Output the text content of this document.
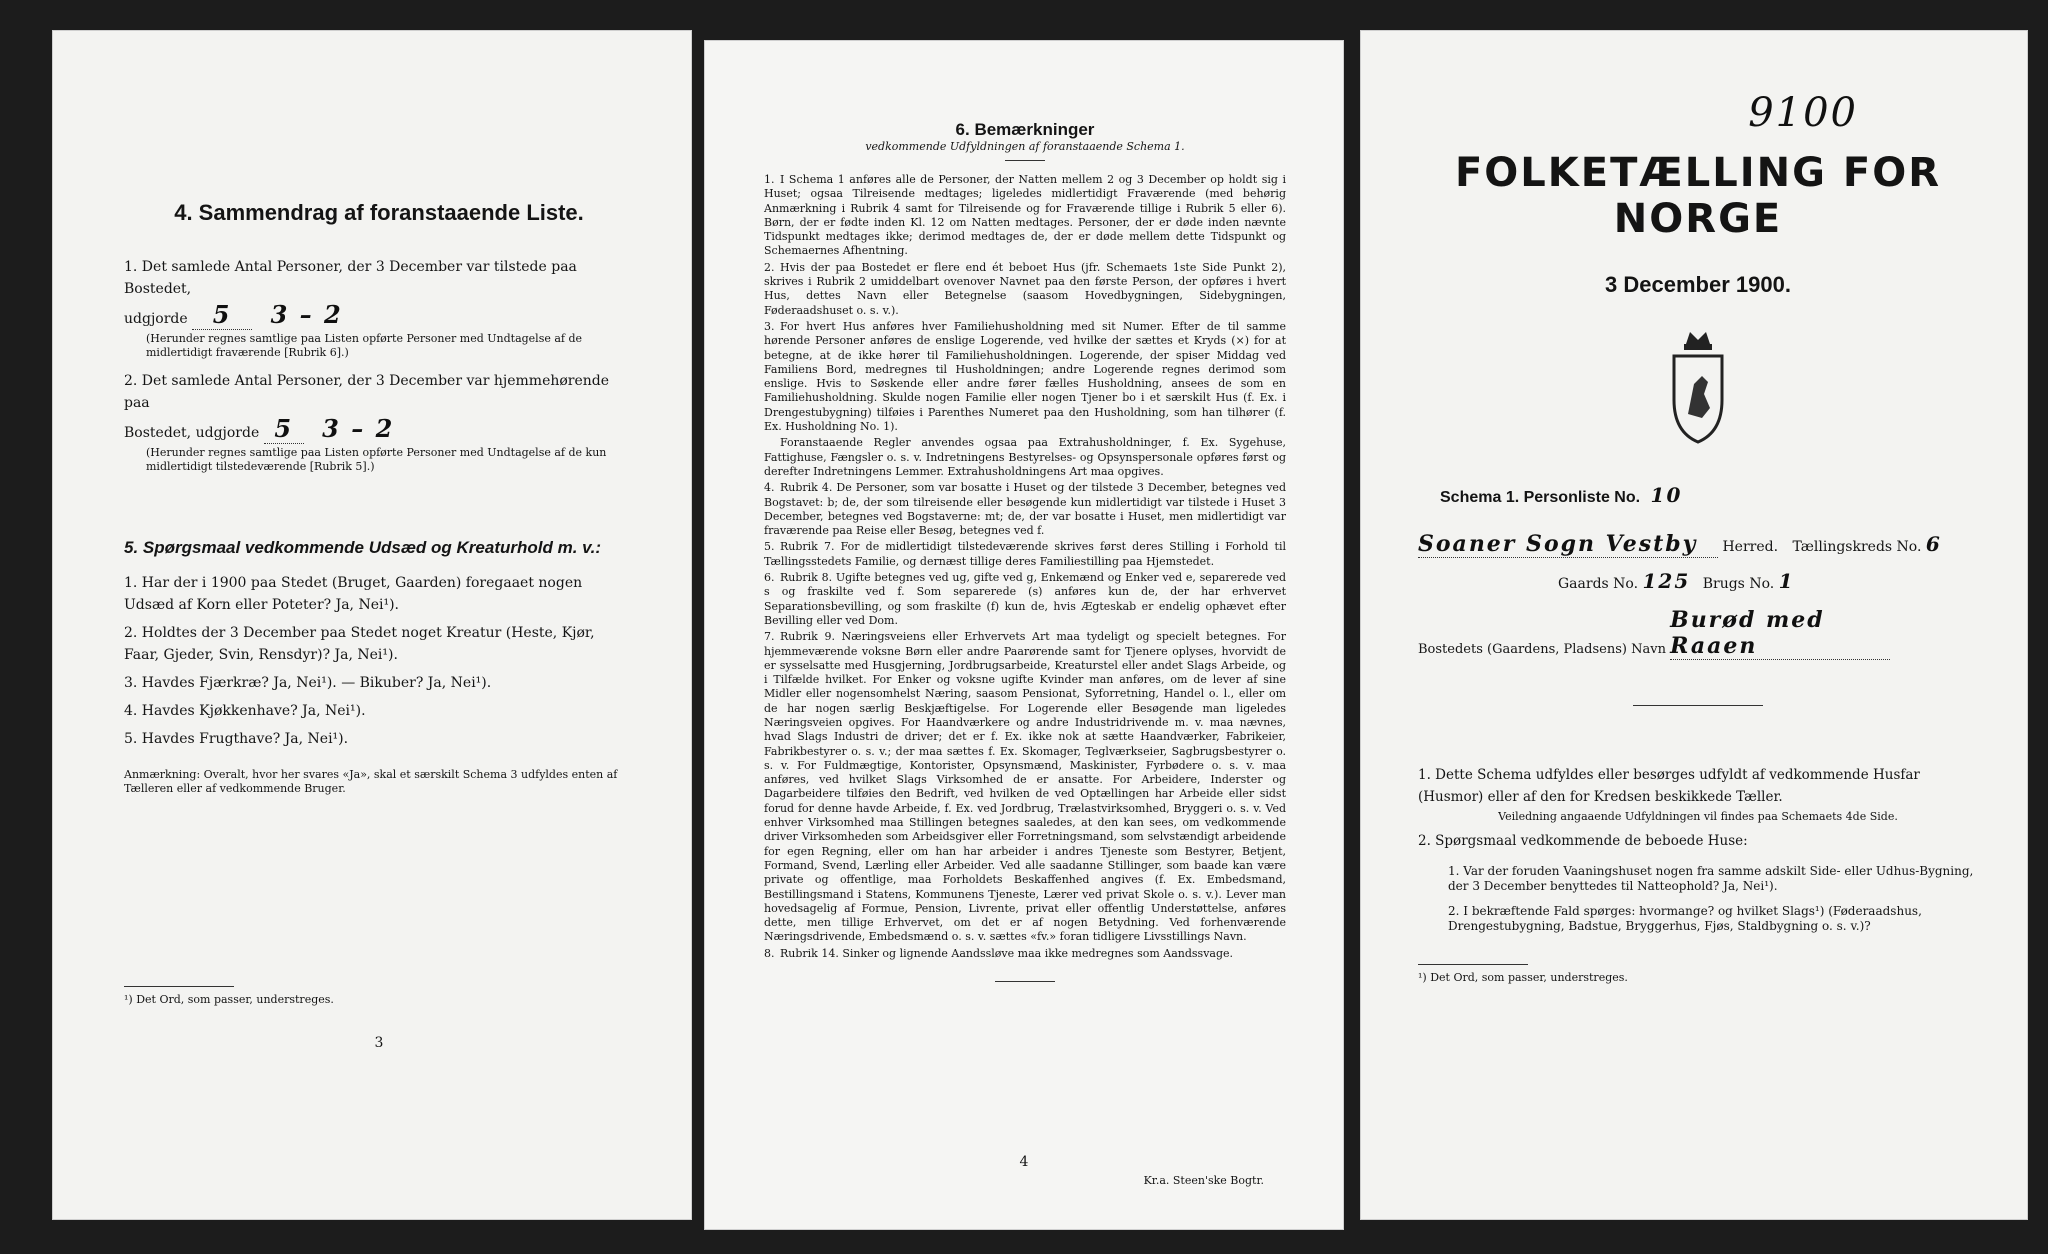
4. Sammendrag af foranstaaende Liste.
1. Det samlede Antal Personer, der 3 December var tilstede paa Bostedet,
udgjorde 5 3 – 2
(Herunder regnes samtlige paa Listen opførte Personer med Undtagelse af de midlertidigt fraværende [Rubrik 6].)
2. Det samlede Antal Personer, der 3 December var hjemmehørende paa
Bostedet, udgjorde 5 3 – 2
(Herunder regnes samtlige paa Listen opførte Personer med Undtagelse af de kun midlertidigt tilstedeværende [Rubrik 5].)
5. Spørgsmaal vedkommende Udsæd og Kreaturhold m. v.:
1. Har der i 1900 paa Stedet (Bruget, Gaarden) foregaaet nogen Udsæd af Korn eller Poteter? Ja, Nei¹).
2. Holdtes der 3 December paa Stedet noget Kreatur (Heste, Kjør, Faar, Gjeder, Svin, Rensdyr)? Ja, Nei¹).
3. Havdes Fjærkræ? Ja, Nei¹). — Bikuber? Ja, Nei¹).
4. Havdes Kjøkkenhave? Ja, Nei¹).
5. Havdes Frugthave? Ja, Nei¹).
Anmærkning: Overalt, hvor her svares «Ja», skal et særskilt Schema 3 udfyldes enten af Tælleren eller af vedkommende Bruger.
¹) Det Ord, som passer, understreges.
3
6. Bemærkninger
vedkommende Udfyldningen af foranstaaende Schema 1.
1. I Schema 1 anføres alle de Personer, der Natten mellem 2 og 3 December op holdt sig i Huset; ogsaa Tilreisende medtages; ligeledes midlertidigt Fraværende (med behørig Anmærkning i Rubrik 4 samt for Tilreisende og for Fraværende tillige i Rubrik 5 eller 6). Børn, der er fødte inden Kl. 12 om Natten medtages. Personer, der er døde inden nævnte Tidspunkt medtages ikke; derimod medtages de, der er døde mellem dette Tidspunkt og Schemaernes Afhentning.
2. Hvis der paa Bostedet er flere end ét beboet Hus (jfr. Schemaets 1ste Side Punkt 2), skrives i Rubrik 2 umiddelbart ovenover Navnet paa den første Person, der opføres i hvert Hus, dettes Navn eller Betegnelse (saasom Hovedbygningen, Sidebygningen, Føderaadshuset o. s. v.).
3. For hvert Hus anføres hver Familiehusholdning med sit Numer. Efter de til samme hørende Personer anføres de enslige Logerende, ved hvilke der sættes et Kryds (×) for at betegne, at de ikke hører til Familiehusholdningen. Logerende, der spiser Middag ved Familiens Bord, medregnes til Husholdningen; andre Logerende regnes derimod som enslige. Hvis to Søskende eller andre fører fælles Husholdning, ansees de som en Familiehusholdning. Skulde nogen Familie eller nogen Tjener bo i et særskilt Hus (f. Ex. i Drengestubygning) tilføies i Parenthes Numeret paa den Husholdning, som han tilhører (f. Ex. Husholdning No. 1).
Foranstaaende Regler anvendes ogsaa paa Extrahusholdninger, f. Ex. Sygehuse, Fattighuse, Fængsler o. s. v. Indretningens Bestyrelses- og Opsynspersonale opføres først og derefter Indretningens Lemmer. Extrahusholdningens Art maa opgives.
4. Rubrik 4. De Personer, som var bosatte i Huset og der tilstede 3 December, betegnes ved Bogstavet: b; de, der som tilreisende eller besøgende kun midlertidigt var tilstede i Huset 3 December, betegnes ved Bogstaverne: mt; de, der var bosatte i Huset, men midlertidigt var fraværende paa Reise eller Besøg, betegnes ved f.
5. Rubrik 7. For de midlertidigt tilstedeværende skrives først deres Stilling i Forhold til Tællingsstedets Familie, og dernæst tillige deres Familiestilling paa Hjemstedet.
6. Rubrik 8. Ugifte betegnes ved ug, gifte ved g, Enkemænd og Enker ved e, separerede ved s og fraskilte ved f. Som separerede (s) anføres kun de, der har erhvervet Separationsbevilling, og som fraskilte (f) kun de, hvis Ægteskab er endelig ophævet efter Bevilling eller ved Dom.
7. Rubrik 9. Næringsveiens eller Erhvervets Art maa tydeligt og specielt betegnes. For hjemmeværende voksne Børn eller andre Paarørende samt for Tjenere oplyses, hvorvidt de er sysselsatte med Husgjerning, Jordbrugsarbeide, Kreaturstel eller andet Slags Arbeide, og i Tilfælde hvilket. For Enker og voksne ugifte Kvinder man anføres, om de lever af sine Midler eller nogensomhelst Næring, saasom Pensionat, Syforretning, Handel o. l., eller om de har nogen særlig Beskjæftigelse. For Logerende eller Besøgende man ligeledes Næringsveien opgives. For Haandværkere og andre Industridrivende m. v. maa nævnes, hvad Slags Industri de driver; det er f. Ex. ikke nok at sætte Haandværker, Fabrikeier, Fabrikbestyrer o. s. v.; der maa sættes f. Ex. Skomager, Teglværkseier, Sagbrugsbestyrer o. s. v. For Fuldmægtige, Kontorister, Opsynsmænd, Maskinister, Fyrbødere o. s. v. maa anføres, ved hvilket Slags Virksomhed de er ansatte. For Arbeidere, Inderster og Dagarbeidere tilføies den Bedrift, ved hvilken de ved Optællingen har Arbeide eller sidst forud for denne havde Arbeide, f. Ex. ved Jordbrug, Trælastvirksomhed, Bryggeri o. s. v. Ved enhver Virksomhed maa Stillingen betegnes saaledes, at den kan sees, om vedkommende driver Virksomheden som Arbeidsgiver eller Forretningsmand, som selvstændigt arbeidende for egen Regning, eller om han har arbeider i andres Tjeneste som Bestyrer, Betjent, Formand, Svend, Lærling eller Arbeider. Ved alle saadanne Stillinger, som baade kan være private og offentlige, maa Forholdets Beskaffenhed angives (f. Ex. Embedsmand, Bestillingsmand i Statens, Kommunens Tjeneste, Lærer ved privat Skole o. s. v.). Lever man hovedsagelig af Formue, Pension, Livrente, privat eller offentlig Understøttelse, anføres dette, men tillige Erhvervet, om det er af nogen Betydning. Ved forhenværende Næringsdrivende, Embedsmænd o. s. v. sættes «fv.» foran tidligere Livsstillings Navn.
8. Rubrik 14. Sinker og lignende Aandssløve maa ikke medregnes som Aandssvage.
4
Kr.a. Steen'ske Bogtr.
9100
FOLKETÆLLING FOR NORGE
3 December 1900.
Schema 1. Personliste No. 10
Soaner Sogn Vestby Herred. Tællingskreds No. 6
Gaards No. 125 Brugs No. 1
Bostedets (Gaardens, Pladsens) Navn Burød med Raaen
1. Dette Schema udfyldes eller besørges udfyldt af vedkommende Husfar (Husmor) eller af den for Kredsen beskikkede Tæller.
Veiledning angaaende Udfyldningen vil findes paa Schemaets 4de Side.
2. Spørgsmaal vedkommende de beboede Huse:
1. Var der foruden Vaaningshuset nogen fra samme adskilt Side- eller Udhus-Bygning, der 3 December benyttedes til Natteophold? Ja, Nei¹).
2. I bekræftende Fald spørges: hvormange? og hvilket Slags¹) (Føderaadshus, Drengestubygning, Badstue, Bryggerhus, Fjøs, Staldbygning o. s. v.)?
¹) Det Ord, som passer, understreges.
